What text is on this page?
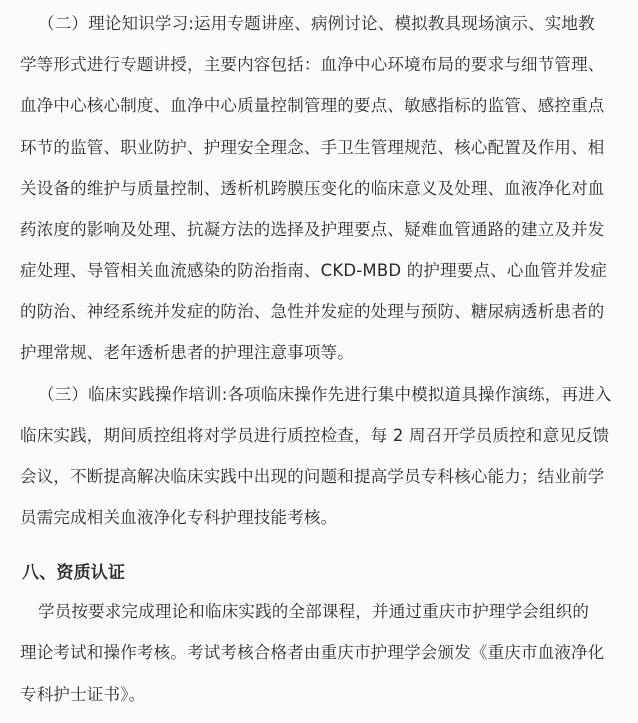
（二）理论知识学习:运用专题讲座、病例讨论、模拟教具现场演示、实地教
学等形式进行专题讲授，主要内容包括：血净中心环境布局的要求与细节管理、
血净中心核心制度、血净中心质量控制管理的要点、敏感指标的监管、感控重点
环节的监管、职业防护、护理安全理念、手卫生管理规范、核心配置及作用、相
关设备的维护与质量控制、透析机跨膜压变化的临床意义及处理、血液净化对血
药浓度的影响及处理、抗凝方法的选择及护理要点、疑难血管通路的建立及并发
症处理、导管相关血流感染的防治指南、CKD-MBD 的护理要点、心血管并发症
的防治、神经系统并发症的防治、急性并发症的处理与预防、糖尿病透析患者的
护理常规、老年透析患者的护理注意事项等。
（三）临床实践操作培训:各项临床操作先进行集中模拟道具操作演练，再进入
临床实践，期间质控组将对学员进行质控检查，每 2 周召开学员质控和意见反馈
会议，不断提高解决临床实践中出现的问题和提高学员专科核心能力；结业前学
员需完成相关血液净化专科护理技能考核。
八、资质认证
学员按要求完成理论和临床实践的全部课程，并通过重庆市护理学会组织的
理论考试和操作考核。考试考核合格者由重庆市护理学会颁发《重庆市血液净化
专科护士证书》。
